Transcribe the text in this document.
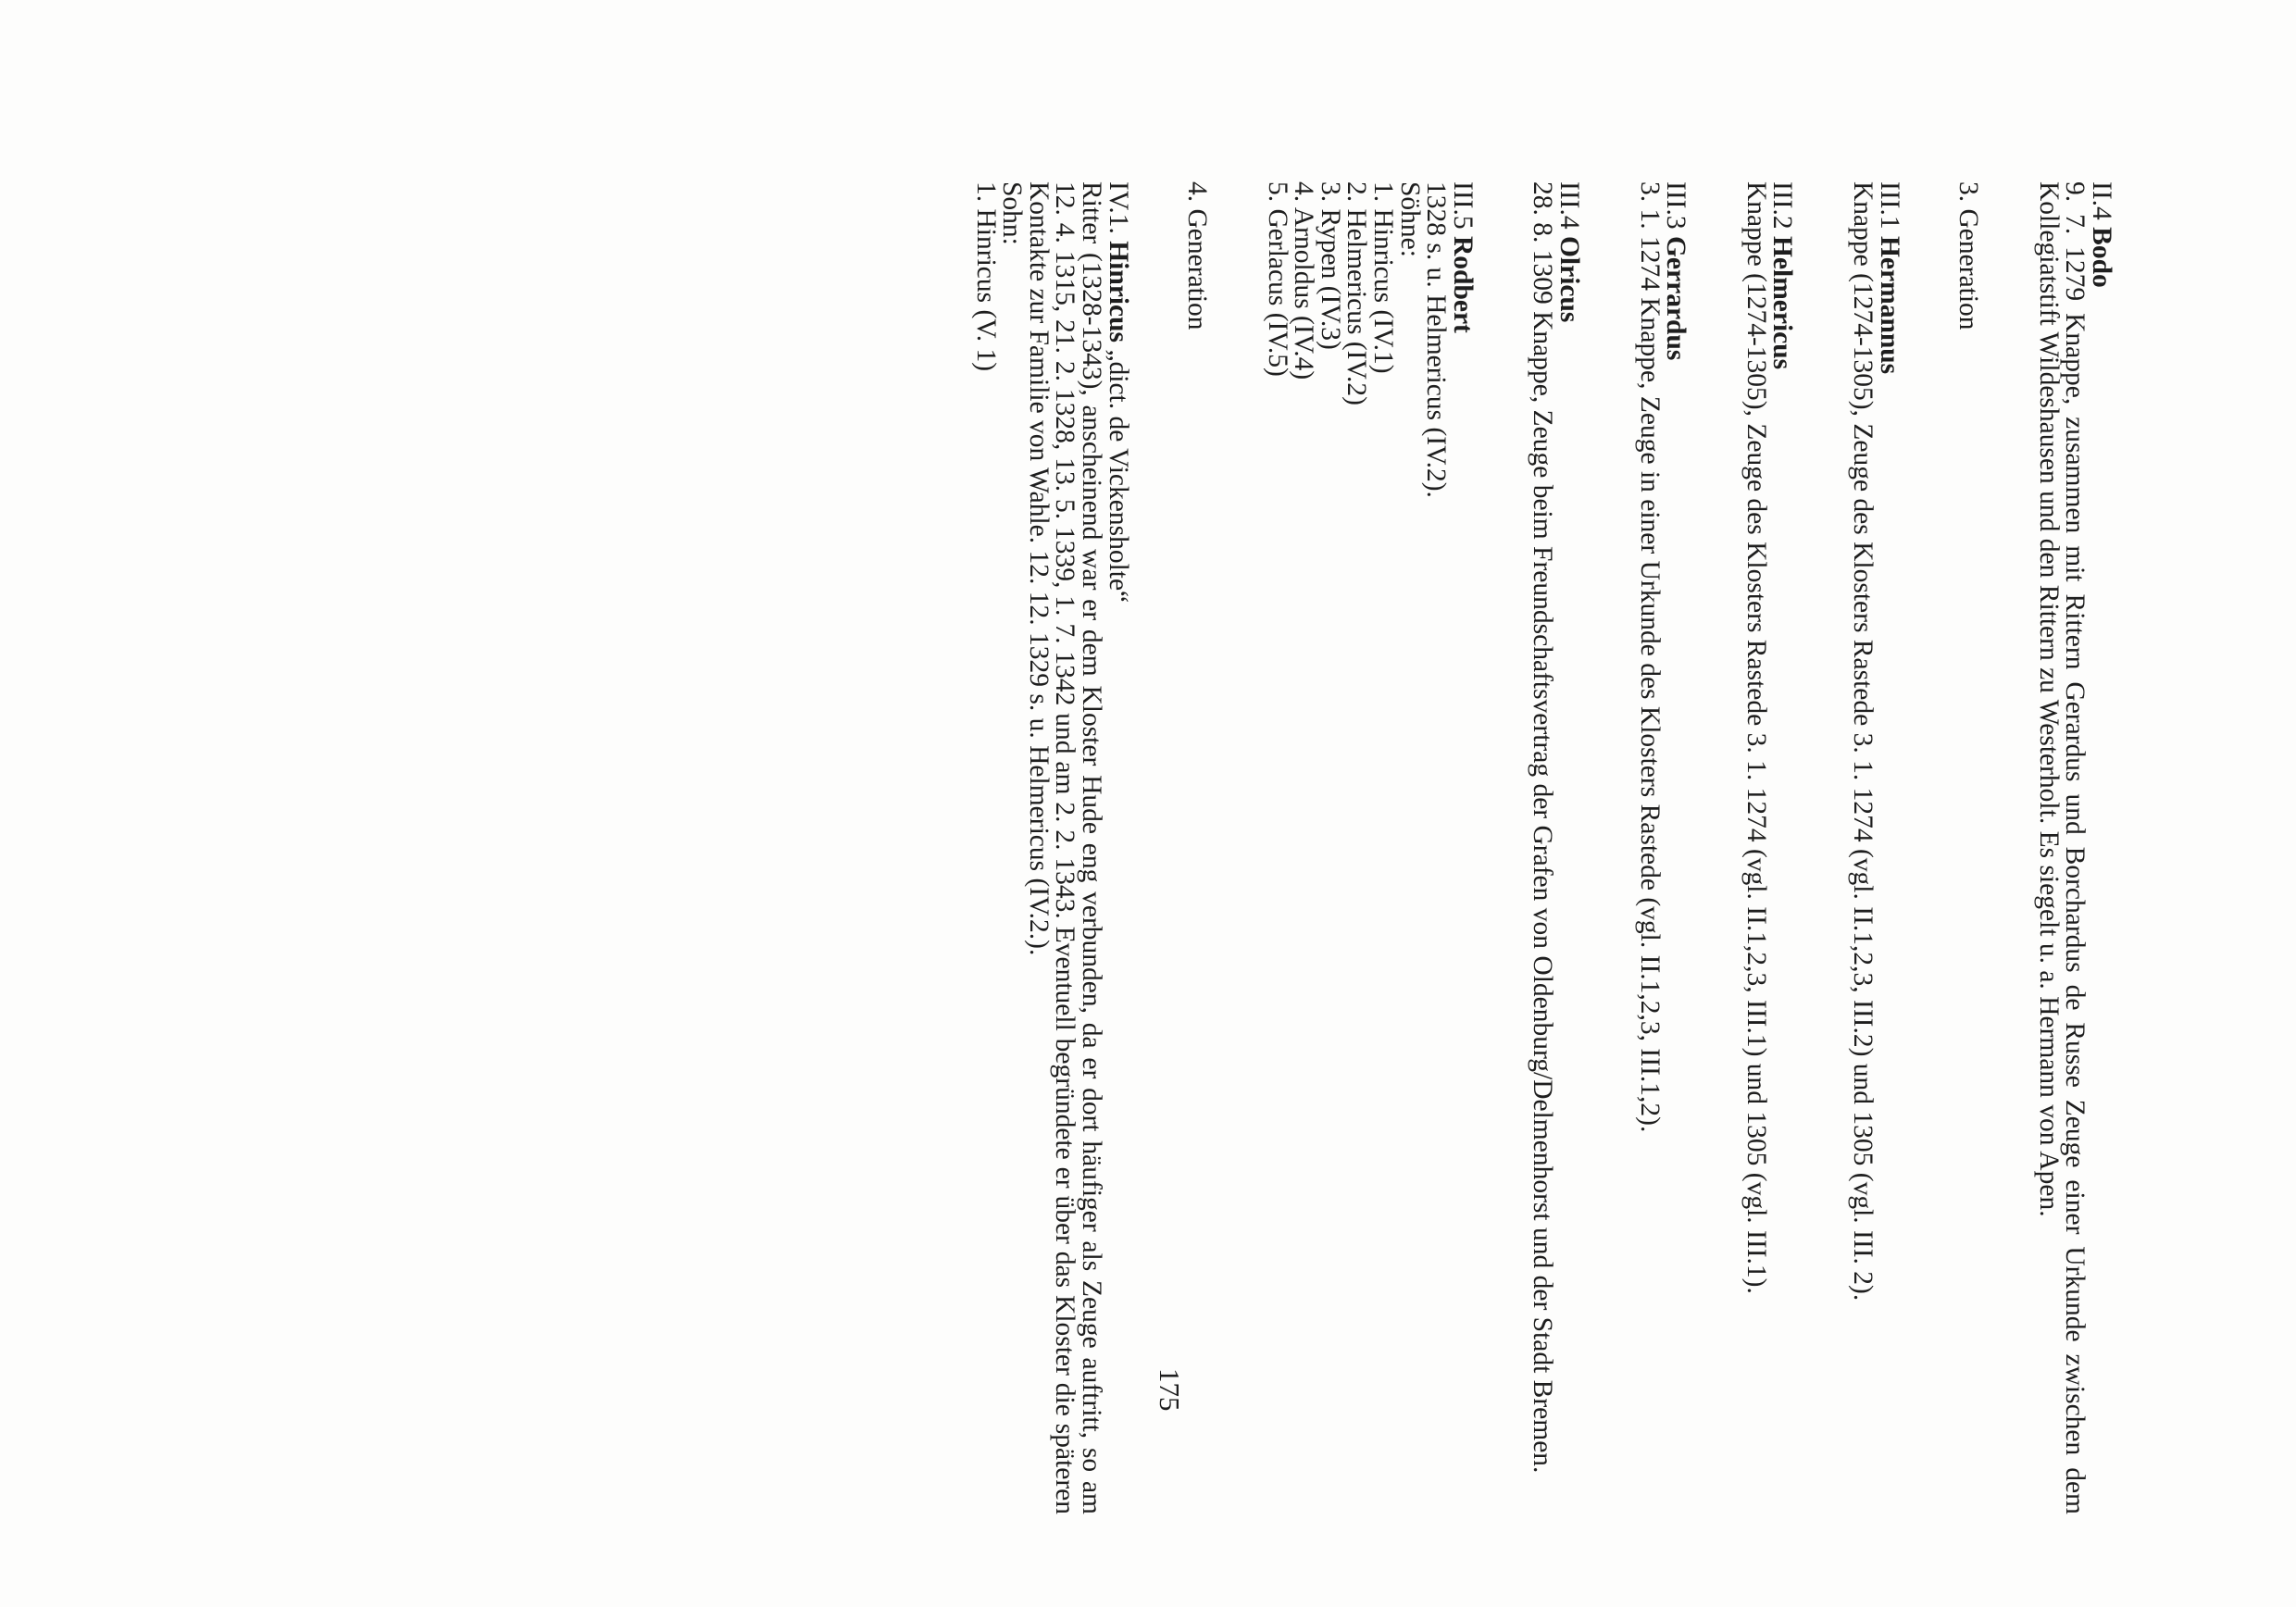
II.4 Bodo
9. 7. 1279 Knappe, zusammen mit Rittern Gerardus und Borchardus de Russe Zeuge einer Urkunde zwischen dem Kollegiatstift Wildeshausen und den Rittern zu Westerholt. Es siegelt u. a. Hermann von Apen.
3. Generation
III.1 Hermannus
Knappe (1274-1305), Zeuge des Klosters Rastede 3. 1. 1274 (vgl. II.1,2,3, III.2) und 1305 (vgl. III. 2).
III.2 Helmericus
Knappe (1274-1305), Zeuge des Klosters Rastede 3. 1. 1274 (vgl. II.1,2,3, III.1) und 1305 (vgl. III.1).
III.3 Gerrardus
3. 1. 1274 Knappe, Zeuge in einer Urkunde des Klosters Rastede (vgl. II.1,2,3, III.1,2).
III.4 Olricus
28. 8. 1309 Knappe, Zeuge beim Freundschaftsvertrag der Grafen von Oldenburg/Delmenhorst und der Stadt Bremen.
III.5 Rodbert
1328 s. u. Helmericus (IV.2).
Söhne:
1. Hinricus (IV.1)
2. Helmericus (IV.2)
3. Rypen (IV.3)
4. Arnoldus (IV.4)
5. Gerlacus (IV.5)
4. Generation
IV.1. Hinricus „dict. de Vickensholte“
Ritter (1328-1343), anscheinend war er dem Kloster Hude eng verbunden, da er dort häufiger als Zeuge auftritt, so am 12. 4. 1315, 21. 2. 1328, 13. 5. 1339, 1. 7. 1342 und am 2. 2. 1343. Eventuell begründete er über das Kloster die späteren Kontakte zur Familie von Wahle. 12. 12. 1329 s. u. Helmericus (IV.2.).
Sohn:
1. Hinricus (V. 1)
175
